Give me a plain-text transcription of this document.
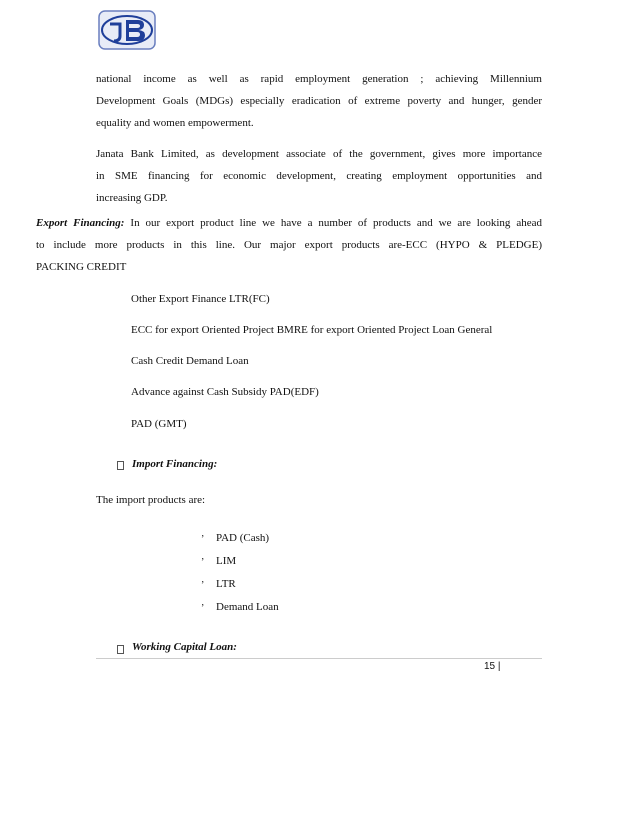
national income as well as rapid employment generation ; achieving Millennium
Development Goals (MDGs) especially eradication of extreme poverty and hunger, gender
equality and women empowerment.
Janata Bank Limited, as development associate of the government, gives more importance
in SME financing for economic development, creating employment opportunities and
increasing GDP.
Export Financing: In our export product line we have a number of products and we are looking ahead
to include more products in this line. Our major export products are-ECC (HYPO & PLEDGE)
PACKING CREDIT
Other Export Finance LTR(FC)
ECC for export Oriented Project BMRE for export Oriented Project Loan General
Cash Credit Demand Loan
Advance against Cash Subsidy PAD(EDF)
PAD (GMT)
Import Financing:
The import products are:
’ PAD (Cash)
’ LIM
’ LTR
’ Demand Loan
Working Capital Loan:
15 |
